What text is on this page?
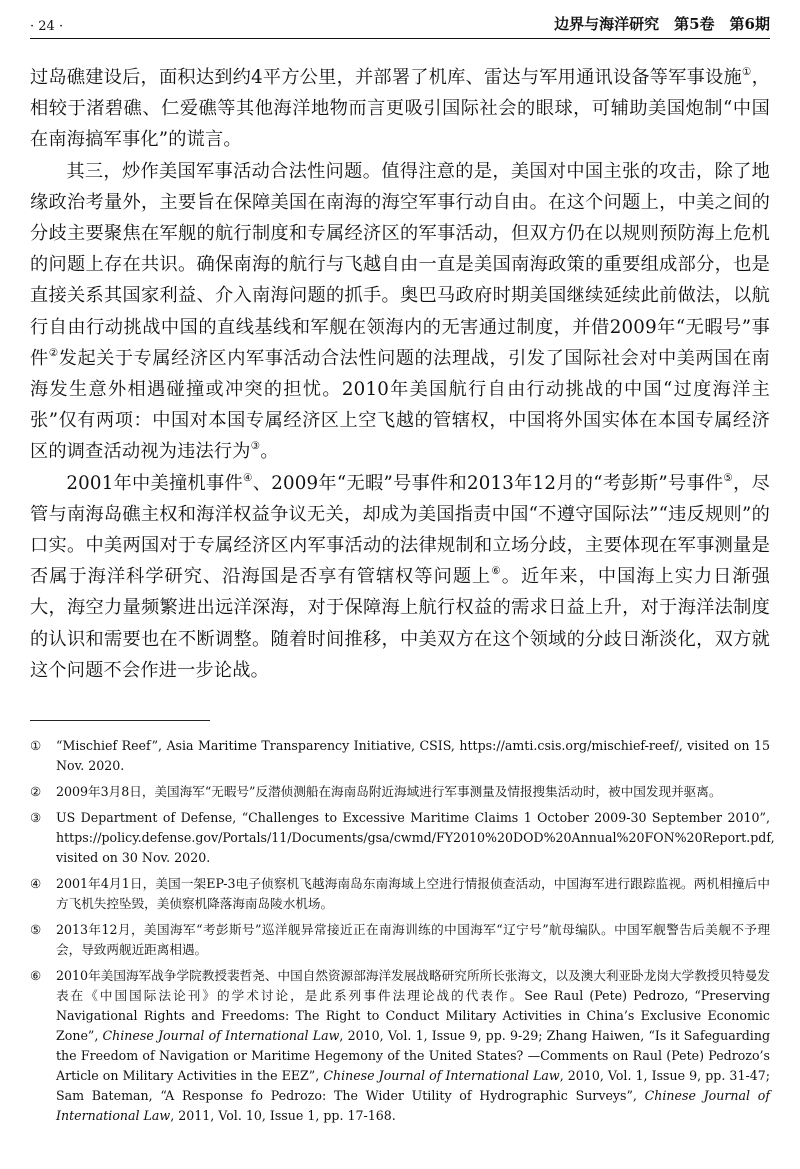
· 24 ·	边界与海洋研究　第5卷　第6期

过岛礁建设后，面积达到约4平方公里，并部署了机库、雷达与军用通讯设备等军事设施①，相较于渚碧礁、仁爱礁等其他海洋地物而言更吸引国际社会的眼球，可辅助美国炮制“中国在南海搞军事化”的谎言。

其三，炒作美国军事活动合法性问题。值得注意的是，美国对中国主张的攻击，除了地缘政治考量外，主要旨在保障美国在南海的海空军事行动自由。在这个问题上，中美之间的分歧主要聚焦在军舰的航行制度和专属经济区的军事活动，但双方仍在以规则预防海上危机的问题上存在共识。确保南海的航行与飞越自由一直是美国南海政策的重要组成部分，也是直接关系其国家利益、介入南海问题的抓手。奥巴马政府时期美国继续延续此前做法，以航行自由行动挑战中国的直线基线和军舰在领海内的无害通过制度，并借2009年“无暇号”事件②发起关于专属经济区内军事活动合法性问题的法理战，引发了国际社会对中美两国在南海发生意外相遇碰撞或冲突的担忧。2010年美国航行自由行动挑战的中国“过度海洋主张”仅有两项：中国对本国专属经济区上空飞越的管辖权，中国将外国实体在本国专属经济区的调查活动视为违法行为③。

2001年中美撞机事件④、2009年“无暇”号事件和2013年12月的“考彭斯”号事件⑤，尽管与南海岛礁主权和海洋权益争议无关，却成为美国指责中国“不遵守国际法”“违反规则”的口实。中美两国对于专属经济区内军事活动的法律规制和立场分歧，主要体现在军事测量是否属于海洋科学研究、沿海国是否享有管辖权等问题上⑥。近年来，中国海上实力日渐强大，海空力量频繁进出远洋深海，对于保障海上航行权益的需求日益上升，对于海洋法制度的认识和需要也在不断调整。随着时间推移，中美双方在这个领域的分歧日渐淡化，双方就这个问题不会作进一步论战。

① “Mischief Reef”, Asia Maritime Transparency Initiative, CSIS, https://amti.csis.org/mischief-reef/, visited on 15 Nov. 2020.
② 2009年3月8日，美国海军“无暇号”反潜侦测船在海南岛附近海域进行军事测量及情报搜集活动时，被中国发现并驱离。
③ US Department of Defense, “Challenges to Excessive Maritime Claims 1 October 2009-30 September 2010”, https://policy.defense.gov/Portals/11/Documents/gsa/cwmd/FY2010%20DOD%20Annual%20FON%20Report.pdf, visited on 30 Nov. 2020.
④ 2001年4月1日，美国一架EP-3电子侦察机飞越海南岛东南海域上空进行情报侦查活动，中国海军进行跟踪监视。两机相撞后中方飞机失控坠毁，美侦察机降落海南岛陵水机场。
⑤ 2013年12月，美国海军“考彭斯号”巡洋舰异常接近正在南海训练的中国海军“辽宁号”航母编队。中国军舰警告后美舰不予理会，导致两舰近距离相遇。
⑥ 2010年美国海军战争学院教授裴哲尧、中国自然资源部海洋发展战略研究所所长张海文，以及澳大利亚卧龙岗大学教授贝特曼发表在《中国国际法论刊》的学术讨论，是此系列事件法理论战的代表作。See Raul (Pete) Pedrozo, “Preserving Navigational Rights and Freedoms: The Right to Conduct Military Activities in China’s Exclusive Economic Zone”, Chinese Journal of International Law, 2010, Vol. 1, Issue 9, pp. 9-29; Zhang Haiwen, “Is it Safeguarding the Freedom of Navigation or Maritime Hegemony of the United States? —Comments on Raul (Pete) Pedrozo’s Article on Military Activities in the EEZ”, Chinese Journal of International Law, 2010, Vol. 1, Issue 9, pp. 31-47; Sam Bateman, “A Response fo Pedrozo: The Wider Utility of Hydrographic Surveys”, Chinese Journal of International Law, 2011, Vol. 10, Issue 1, pp. 17-168.
